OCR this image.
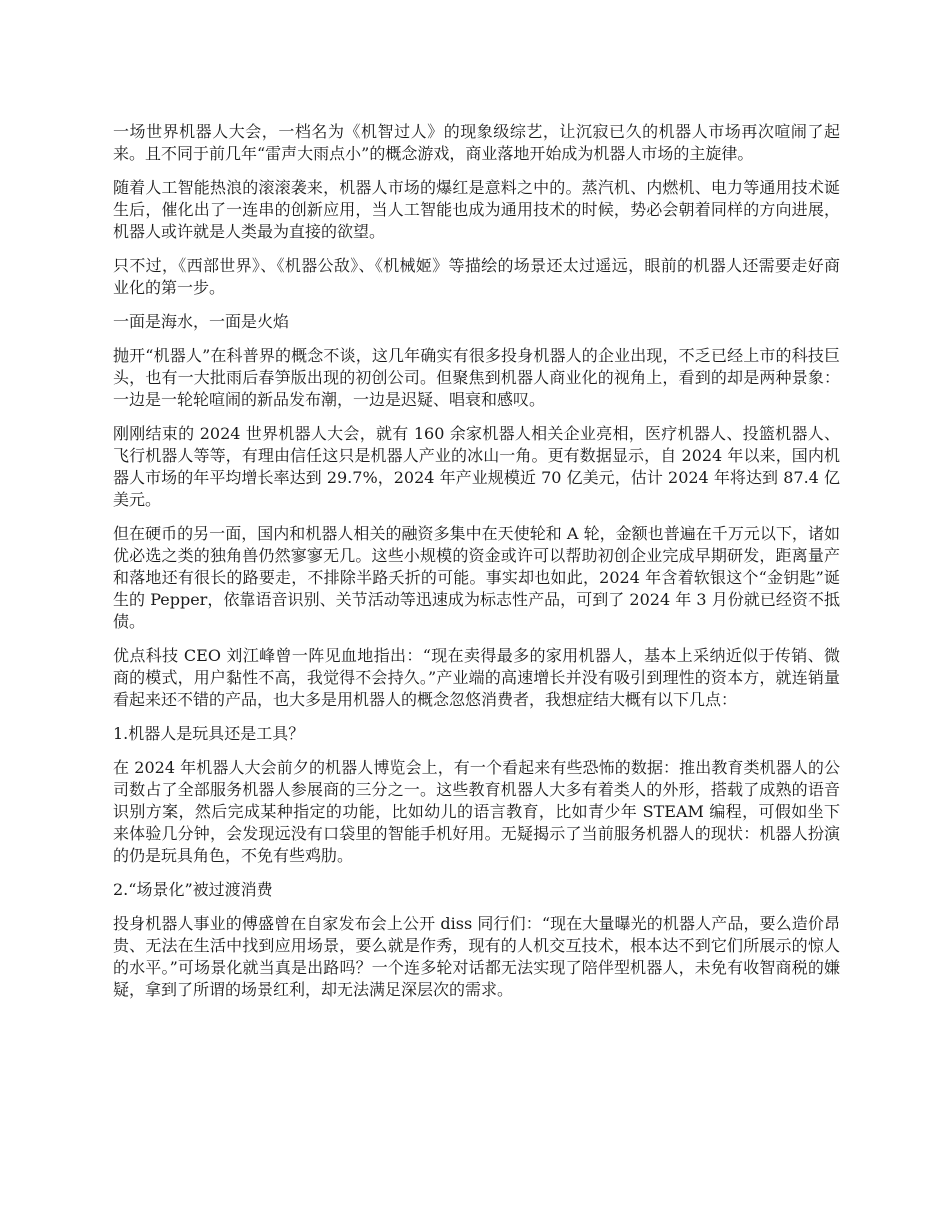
一场世界机器人大会，一档名为《机智过人》的现象级综艺，让沉寂已久的机器人市场再次喧闹了起来。且不同于前几年“雷声大雨点小”的概念游戏，商业落地开始成为机器人市场的主旋律。

随着人工智能热浪的滚滚袭来，机器人市场的爆红是意料之中的。蒸汽机、内燃机、电力等通用技术诞生后，催化出了一连串的创新应用，当人工智能也成为通用技术的时候，势必会朝着同样的方向进展，机器人或许就是人类最为直接的欲望。

只不过，《西部世界》、《机器公敌》、《机械姬》等描绘的场景还太过遥远，眼前的机器人还需要走好商业化的第一步。

一面是海水，一面是火焰

抛开“机器人”在科普界的概念不谈，这几年确实有很多投身机器人的企业出现，不乏已经上市的科技巨头，也有一大批雨后春笋版出现的初创公司。但聚焦到机器人商业化的视角上，看到的却是两种景象：一边是一轮轮喧闹的新品发布潮，一边是迟疑、唱衰和感叹。

刚刚结束的 2024 世界机器人大会，就有 160 余家机器人相关企业亮相，医疗机器人、投篮机器人、飞行机器人等等，有理由信任这只是机器人产业的冰山一角。更有数据显示，自 2024 年以来，国内机器人市场的年平均增长率达到 29.7%，2024 年产业规模近 70 亿美元，估计 2024 年将达到 87.4 亿美元。

但在硬币的另一面，国内和机器人相关的融资多集中在天使轮和 A 轮，金额也普遍在千万元以下，诸如优必选之类的独角兽仍然寥寥无几。这些小规模的资金或许可以帮助初创企业完成早期研发，距离量产和落地还有很长的路要走，不排除半路夭折的可能。事实却也如此，2024 年含着软银这个“金钥匙”诞生的 Pepper，依靠语音识别、关节活动等迅速成为标志性产品，可到了 2024 年 3 月份就已经资不抵债。

优点科技 CEO 刘江峰曾一阵见血地指出：“现在卖得最多的家用机器人，基本上采纳近似于传销、微商的模式，用户黏性不高，我觉得不会持久。”产业端的高速增长并没有吸引到理性的资本方，就连销量看起来还不错的产品，也大多是用机器人的概念忽悠消费者，我想症结大概有以下几点：

1.机器人是玩具还是工具？

在 2024 年机器人大会前夕的机器人博览会上，有一个看起来有些恐怖的数据：推出教育类机器人的公司数占了全部服务机器人参展商的三分之一。这些教育机器人大多有着类人的外形，搭载了成熟的语音识别方案，然后完成某种指定的功能，比如幼儿的语言教育，比如青少年 STEAM 编程，可假如坐下来体验几分钟，会发现远没有口袋里的智能手机好用。无疑揭示了当前服务机器人的现状：机器人扮演的仍是玩具角色，不免有些鸡肋。

2.“场景化”被过渡消费

投身机器人事业的傅盛曾在自家发布会上公开 diss 同行们：“现在大量曝光的机器人产品，要么造价昂贵、无法在生活中找到应用场景，要么就是作秀，现有的人机交互技术，根本达不到它们所展示的惊人的水平。”可场景化就当真是出路吗？一个连多轮对话都无法实现了陪伴型机器人，未免有收智商税的嫌疑，拿到了所谓的场景红利，却无法满足深层次的需求。
